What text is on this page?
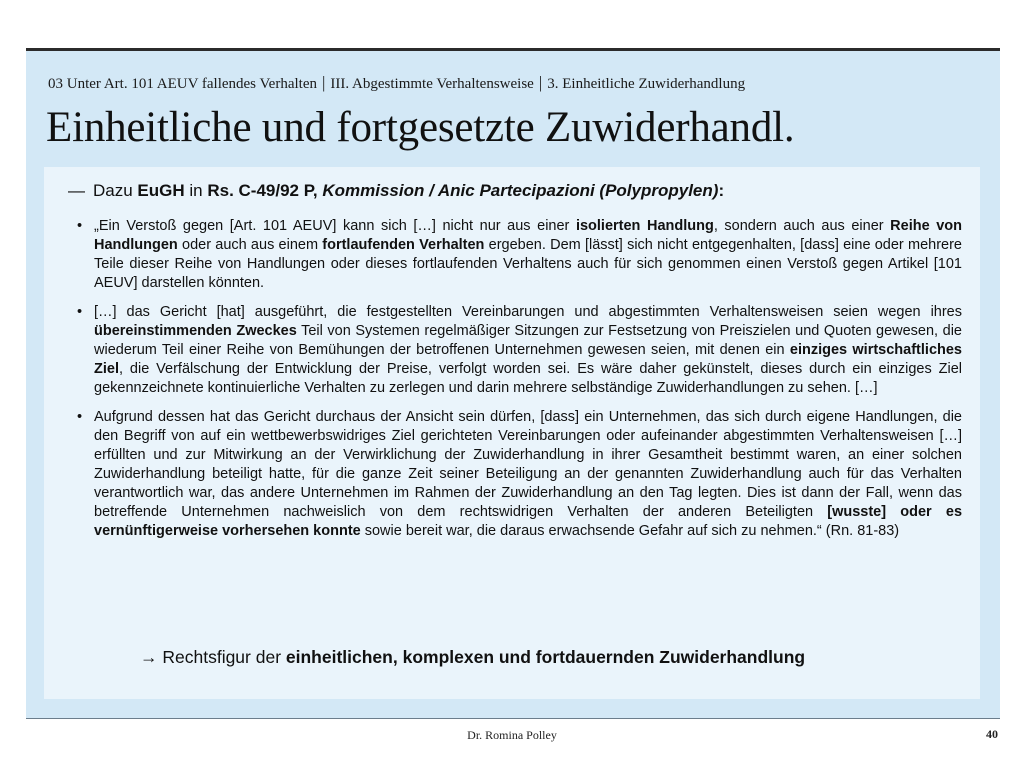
03 Unter Art. 101 AEUV fallendes Verhalten | III. Abgestimmte Verhaltensweise | 3. Einheitliche Zuwiderhandlung
Einheitliche und fortgesetzte Zuwiderhandl.
— Dazu EuGH in Rs. C-49/92 P, Kommission / Anic Partecipazioni (Polypropylen):
• „Ein Verstoß gegen [Art. 101 AEUV] kann sich […] nicht nur aus einer isolierten Handlung, sondern auch aus einer Reihe von Handlungen oder auch aus einem fortlaufenden Verhalten ergeben. Dem [lässt] sich nicht entgegenhalten, [dass] eine oder mehrere Teile dieser Reihe von Handlungen oder dieses fortlaufenden Verhaltens auch für sich genommen einen Verstoß gegen Artikel [101 AEUV] darstellen könnten.
• […] das Gericht [hat] ausgeführt, die festgestellten Vereinbarungen und abgestimmten Verhaltensweisen seien wegen ihres übereinstimmenden Zweckes Teil von Systemen regelmäßiger Sitzungen zur Festsetzung von Preiszielen und Quoten gewesen, die wiederum Teil einer Reihe von Bemühungen der betroffenen Unternehmen gewesen seien, mit denen ein einziges wirtschaftliches Ziel, die Verfälschung der Entwicklung der Preise, verfolgt worden sei. Es wäre daher gekünstelt, dieses durch ein einziges Ziel gekennzeichnete kontinuierliche Verhalten zu zerlegen und darin mehrere selbständige Zuwiderhandlungen zu sehen. […]
• Aufgrund dessen hat das Gericht durchaus der Ansicht sein dürfen, [dass] ein Unternehmen, das sich durch eigene Handlungen, die den Begriff von auf ein wettbewerbswidriges Ziel gerichteten Vereinbarungen oder aufeinander abgestimmten Verhaltensweisen […] erfüllten und zur Mitwirkung an der Verwirklichung der Zuwiderhandlung in ihrer Gesamtheit bestimmt waren, an einer solchen Zuwiderhandlung beteiligt hatte, für die ganze Zeit seiner Beteiligung an der genannten Zuwiderhandlung auch für das Verhalten verantwortlich war, das andere Unternehmen im Rahmen der Zuwiderhandlung an den Tag legten. Dies ist dann der Fall, wenn das betreffende Unternehmen nachweislich von dem rechtswidrigen Verhalten der anderen Beteiligten [wusste] oder es vernünftigerweise vorhersehen konnte sowie bereit war, die daraus erwachsende Gefahr auf sich zu nehmen.“ (Rn. 81-83)
→ Rechtsfigur der einheitlichen, komplexen und fortdauernden Zuwiderhandlung
Dr. Romina Polley	40
